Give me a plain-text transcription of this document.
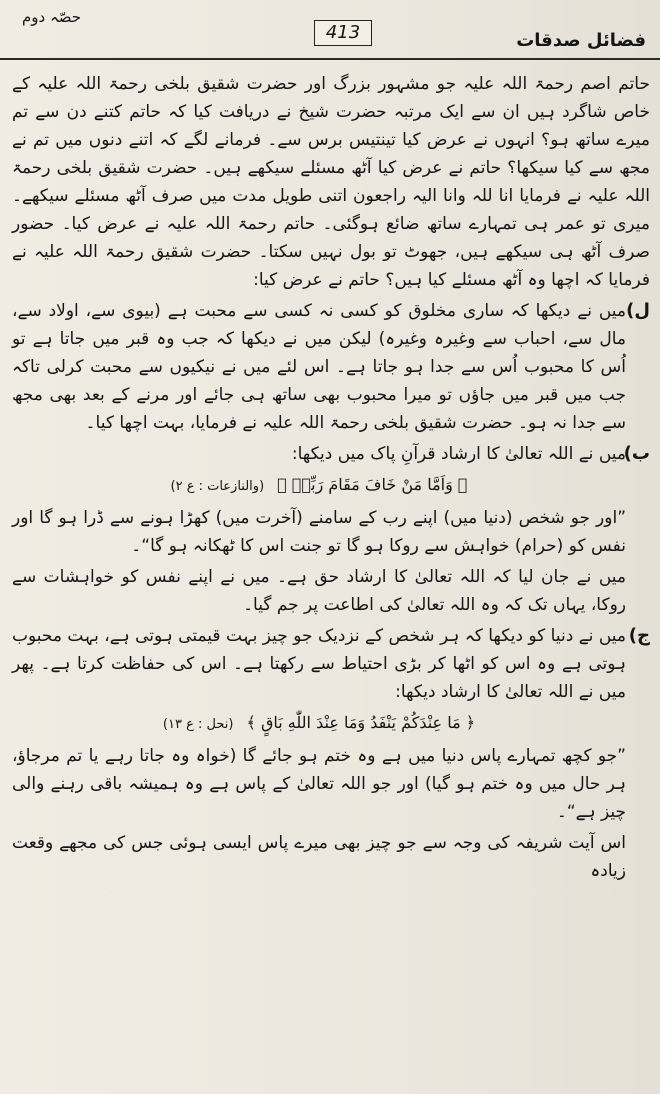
حصّہ دوم
413	فضائل صدقات

حاتم اصم رحمۃ اللہ علیہ جو مشہور بزرگ اور حضرت شقیق بلخی رحمۃ اللہ علیہ کے خاص شاگرد ہیں ان سے ایک مرتبہ حضرت شیخ نے دریافت کیا کہ حاتم کتنے دن سے تم میرے ساتھ ہو؟ انہوں نے عرض کیا تینتیس برس سے۔ فرمانے لگے کہ اتنے دنوں میں تم نے مجھ سے کیا سیکھا؟ حاتم نے عرض کیا آٹھ مسئلے سیکھے ہیں۔ حضرت شقیق بلخی رحمۃ اللہ علیہ نے فرمایا انا للہ وانا الیہ راجعون اتنی طویل مدت میں صرف آٹھ مسئلے سیکھے۔ میری تو عمر ہی تمہارے ساتھ ضائع ہوگئی۔ حاتم رحمۃ اللہ علیہ نے عرض کیا۔ حضور صرف آٹھ ہی سیکھے ہیں، جھوٹ تو بول نہیں سکتا۔ حضرت شقیق رحمۃ اللہ علیہ نے فرمایا کہ اچھا وہ آٹھ مسئلے کیا ہیں؟ حاتم نے عرض کیا:

ل)

میں نے دیکھا کہ ساری مخلوق کو کسی نہ کسی سے محبت ہے (بیوی سے، اولاد سے، مال سے، احباب سے وغیرہ وغیرہ) لیکن میں نے دیکھا کہ جب وہ قبر میں جاتا ہے تو اُس کا محبوب اُس سے جدا ہو جاتا ہے۔ اس لئے میں نے نیکیوں سے محبت کرلی تاکہ جب میں قبر میں جاؤں تو میرا محبوب بھی ساتھ ہی جائے اور مرنے کے بعد بھی مجھ سے جدا نہ ہو۔ حضرت شقیق بلخی رحمۃ اللہ علیہ نے فرمایا، بہت اچھا کیا۔

ب)

میں نے اللہ تعالیٰ کا ارشاد قرآنِ پاک میں دیکھا:

﴿ وَاَمَّا مَنْ خَافَ مَقَامَ رَبِّهٖ ﴾ (والنازعات : ع ۲)

”اور جو شخص (دنیا میں) اپنے رب کے سامنے (آخرت میں) کھڑا ہونے سے ڈرا ہو گا اور نفس کو (حرام) خواہش سے روکا ہو گا تو جنت اس کا ٹھکانہ ہو گا“۔

میں نے جان لیا کہ اللہ تعالیٰ کا ارشاد حق ہے۔ میں نے اپنے نفس کو خواہشات سے روکا، یہاں تک کہ وہ اللہ تعالیٰ کی اطاعت پر جم گیا۔

ج)

میں نے دنیا کو دیکھا کہ ہر شخص کے نزدیک جو چیز بہت قیمتی ہوتی ہے، بہت محبوب ہوتی ہے وہ اس کو اٹھا کر بڑی احتیاط سے رکھتا ہے۔ اس کی حفاظت کرتا ہے۔ پھر میں نے اللہ تعالیٰ کا ارشاد دیکھا:

﴿ مَا عِنْدَكُمْ يَنْفَدُ وَمَا عِنْدَ اللّٰهِ بَاقٍ ﴾ (نحل : ع ۱۳)

”جو کچھ تمہارے پاس دنیا میں ہے وہ ختم ہو جائے گا (خواہ وہ جاتا رہے یا تم مرجاؤ، ہر حال میں وہ ختم ہو گیا) اور جو اللہ تعالیٰ کے پاس ہے وہ ہمیشہ باقی رہنے والی چیز ہے“۔

اس آیت شریفہ کی وجہ سے جو چیز بھی میرے پاس ایسی ہوئی جس کی مجھے وقعت زیادہ
